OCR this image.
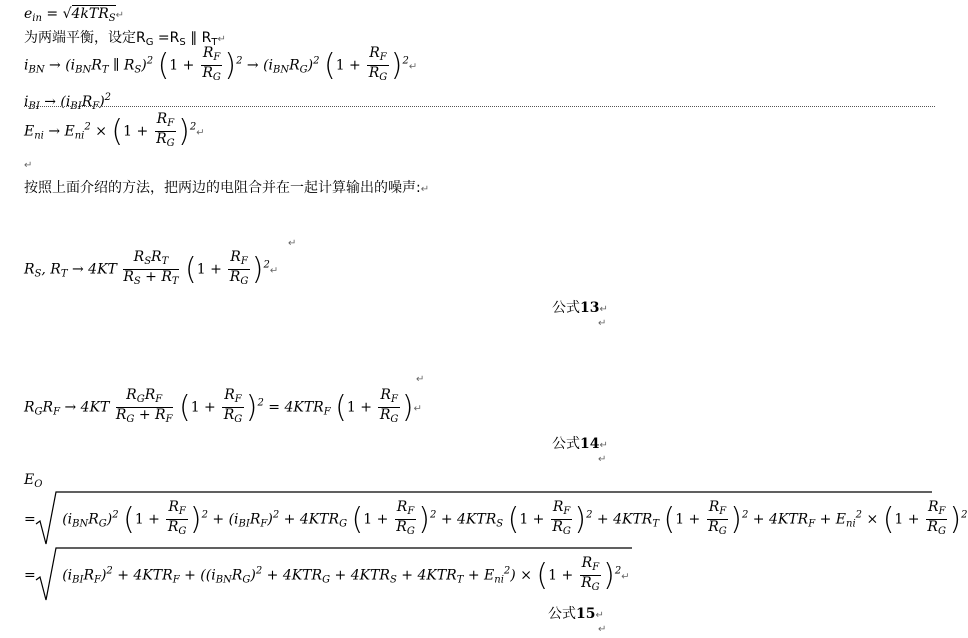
$e_{in}$ = √4kTR$_S$↵
为两端平衡，设定$R_G =R_S$ ∥ $R_T↵$
$i_{BN} \to (i_{BN}R_T$ ∥ $R_S)^2$ $(1 + \frac{R_F}{R_G} )^2 \to (i_{BN}R_G)^2$ ($1 + \frac{R_F}{R_G}$ )$^2↵$
$i_{BI} \to (i_{BI}R_F)^2$
$E_{ni} \to E_{ni}^2 \times (1 + \frac{R_F}{R_G}$ )$^2↵$
↵
按照上面介绍的方法，把两边的电阻合并在一起计算输出的噪声:↵
↵
$R_S$, $R_T \to 4KT \frac{R_SR_T}{R_S + R_T} (1 + \frac{R_F}{R_G}$ )$^2↵$
公式13↵
↵
↵
$R_GR_F \to 4KT \frac{R_GR_F}{R_G + R_F} (1 + \frac{R_F}{R_G} )^2 = 4KTR_F$ ($1 + \frac{R_F}{R_G}$ )↵
公式14↵
↵
$E_O$
= $(i_{BN}R_G)^2$ $(1 + \frac{R_F}{R_G} )^2 + (i_{BI}R_F)^2 + 4KTR_G$ $(1 + \frac{R_F}{R_G} )^2 + 4KTR_S$ $(1 + \frac{R_F}{R_G} )^2 + 4KTR_T$ $(1 + \frac{R_F}{R_G} )^2 + 4KTR_F + E_{ni}^2 \times (1 + \frac{R_F}{R_G} )^2$
= $(i_{BI}R_F)^2 + 4KTR_F + ((i_{BN}R_G)^2 + 4KTR_G + 4KTR_S + 4KTR_T + E_{ni}^2) \times (1 + \frac{R_F}{R_G}$ )$^2↵$
公式15↵
↵
